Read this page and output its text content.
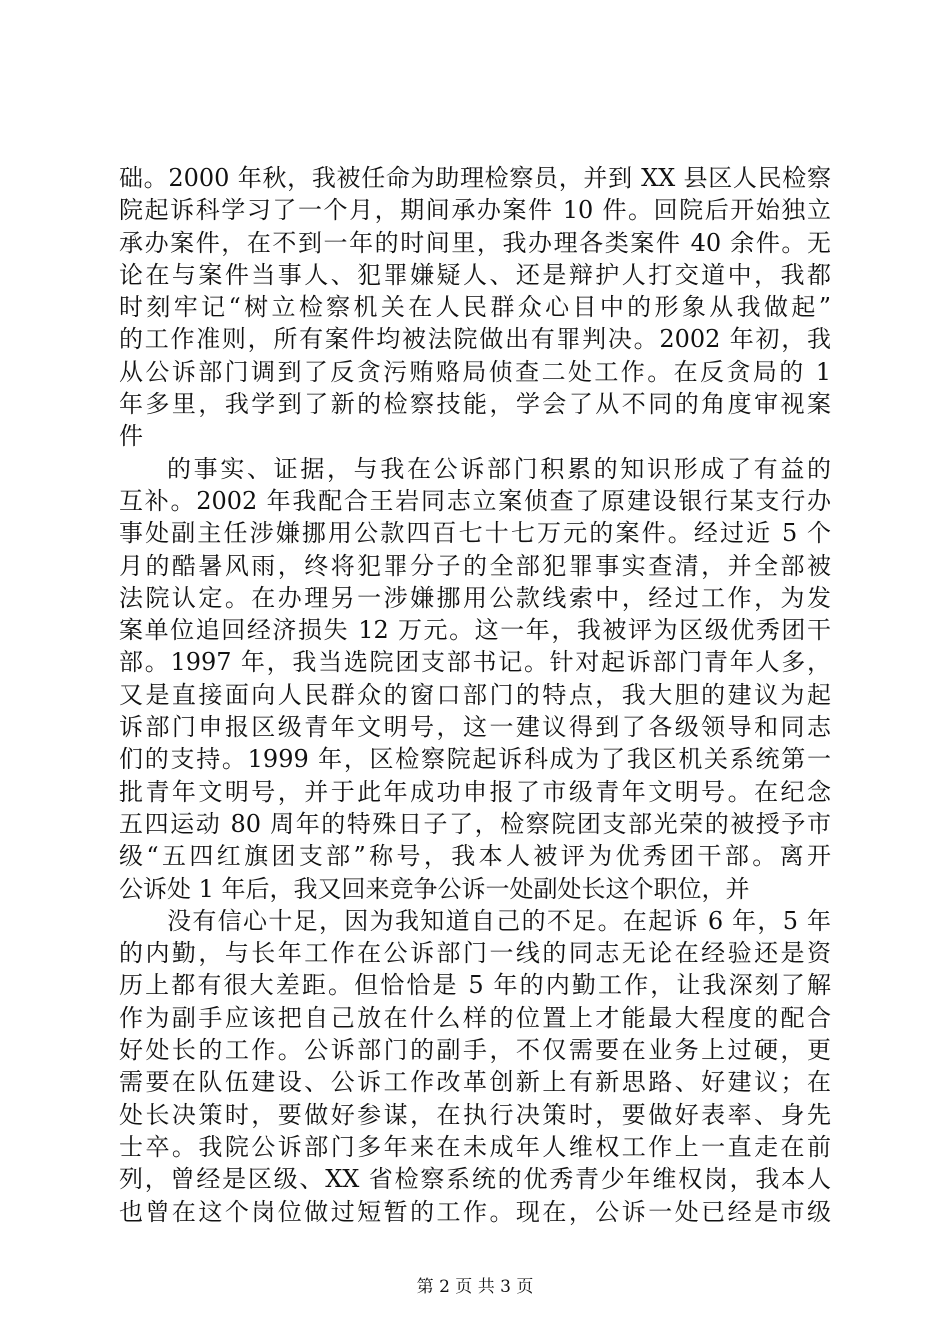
础。2000 年秋，我被任命为助理检察员，并到 XX 县区人民检察
院起诉科学习了一个月，期间承办案件 10 件。回院后开始独立
承办案件，在不到一年的时间里，我办理各类案件 40 余件。无
论在与案件当事人、犯罪嫌疑人、还是辩护人打交道中，我都
时刻牢记“树立检察机关在人民群众心目中的形象从我做起”
的工作准则，所有案件均被法院做出有罪判决。2002 年初，我
从公诉部门调到了反贪污贿赂局侦查二处工作。在反贪局的 1
年多里，我学到了新的检察技能，学会了从不同的角度审视案
件
的事实、证据，与我在公诉部门积累的知识形成了有益的
互补。2002 年我配合王岩同志立案侦查了原建设银行某支行办
事处副主任涉嫌挪用公款四百七十七万元的案件。经过近 5 个
月的酷暑风雨，终将犯罪分子的全部犯罪事实查清，并全部被
法院认定。在办理另一涉嫌挪用公款线索中，经过工作，为发
案单位追回经济损失 12 万元。这一年，我被评为区级优秀团干
部。1997 年，我当选院团支部书记。针对起诉部门青年人多，
又是直接面向人民群众的窗口部门的特点，我大胆的建议为起
诉部门申报区级青年文明号，这一建议得到了各级领导和同志
们的支持。1999 年，区检察院起诉科成为了我区机关系统第一
批青年文明号，并于此年成功申报了市级青年文明号。在纪念
五四运动 80 周年的特殊日子了，检察院团支部光荣的被授予市
级“五四红旗团支部”称号，我本人被评为优秀团干部。离开
公诉处 1 年后，我又回来竞争公诉一处副处长这个职位，并
没有信心十足，因为我知道自己的不足。在起诉 6 年，5 年
的内勤，与长年工作在公诉部门一线的同志无论在经验还是资
历上都有很大差距。但恰恰是 5 年的内勤工作，让我深刻了解
作为副手应该把自己放在什么样的位置上才能最大程度的配合
好处长的工作。公诉部门的副手，不仅需要在业务上过硬，更
需要在队伍建设、公诉工作改革创新上有新思路、好建议；在
处长决策时，要做好参谋，在执行决策时，要做好表率、身先
士卒。我院公诉部门多年来在未成年人维权工作上一直走在前
列，曾经是区级、XX 省检察系统的优秀青少年维权岗，我本人
也曾在这个岗位做过短暂的工作。现在，公诉一处已经是市级
第 2 页 共 3 页
